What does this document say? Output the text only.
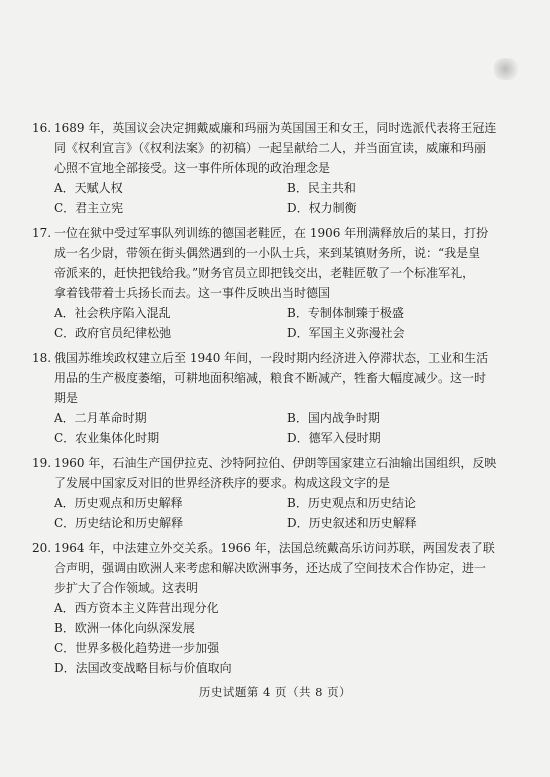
16. 1689 年，英国议会决定拥戴威廉和玛丽为英国国王和女王，同时选派代表将王冠连
同《权利宣言》（《权利法案》的初稿）一起呈献给二人，并当面宣读，威廉和玛丽
心照不宣地全部接受。这一事件所体现的政治理念是
A．天赋人权	B．民主共和
C．君主立宪	D．权力制衡
17. 一位在狱中受过军事队列训练的德国老鞋匠，在 1906 年刑满释放后的某日，打扮
成一名少尉，带领在街头偶然遇到的一小队士兵，来到某镇财务所，说：“我是皇
帝派来的，赶快把钱给我。”财务官员立即把钱交出，老鞋匠敬了一个标准军礼，
拿着钱带着士兵扬长而去。这一事件反映出当时德国
A．社会秩序陷入混乱	B．专制体制臻于极盛
C．政府官员纪律松弛	D．军国主义弥漫社会
18. 俄国苏维埃政权建立后至 1940 年间，一段时期内经济进入停滞状态，工业和生活
用品的生产极度萎缩，可耕地面积缩减，粮食不断减产，牲畜大幅度减少。这一时
期是
A．二月革命时期	B．国内战争时期
C．农业集体化时期	D．德军入侵时期
19. 1960 年，石油生产国伊拉克、沙特阿拉伯、伊朗等国家建立石油输出国组织，反映
了发展中国家反对旧的世界经济秩序的要求。构成这段文字的是
A．历史观点和历史解释	B．历史观点和历史结论
C．历史结论和历史解释	D．历史叙述和历史解释
20. 1964 年，中法建立外交关系。1966 年，法国总统戴高乐访问苏联，两国发表了联
合声明，强调由欧洲人来考虑和解决欧洲事务，还达成了空间技术合作协定，进一
步扩大了合作领域。这表明
A．西方资本主义阵营出现分化
B．欧洲一体化向纵深发展
C．世界多极化趋势进一步加强
D．法国改变战略目标与价值取向
历史试题第 4 页（共 8 页）
